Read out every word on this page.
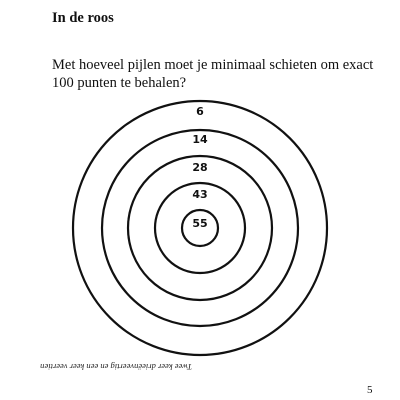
In de roos
Met hoeveel pijlen moet je minimaal schieten om exact
100 punten te behalen?
6
14
28
43
55
Twee keer drieënveertig en een keer veertien
5
